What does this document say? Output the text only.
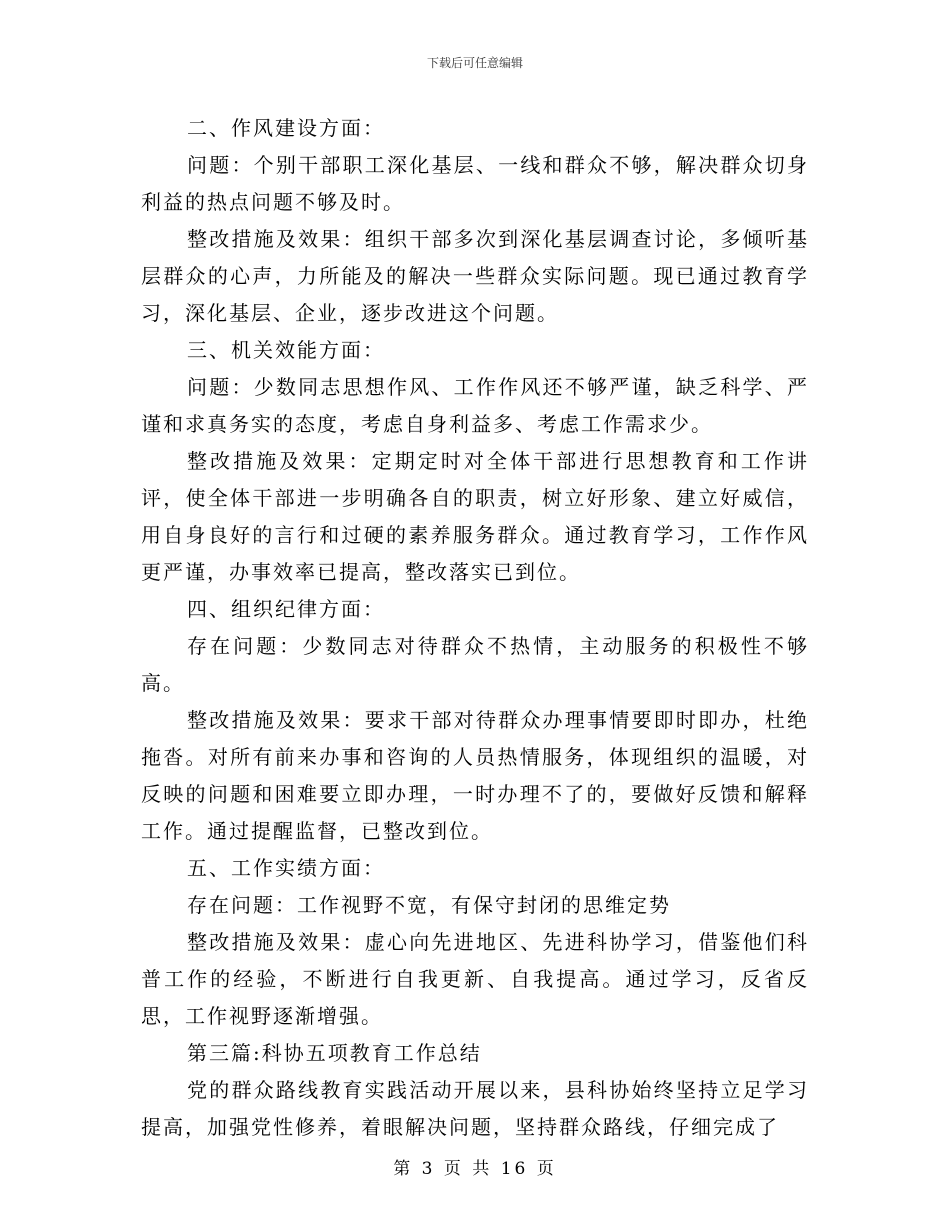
下载后可任意编辑

二、作风建设方面：

问题：个别干部职工深化基层、一线和群众不够，解决群众切身利益的热点问题不够及时。

整改措施及效果：组织干部多次到深化基层调查讨论，多倾听基层群众的心声，力所能及的解决一些群众实际问题。现已通过教育学习，深化基层、企业，逐步改进这个问题。

三、机关效能方面：

问题：少数同志思想作风、工作作风还不够严谨，缺乏科学、严谨和求真务实的态度，考虑自身利益多、考虑工作需求少。

整改措施及效果：定期定时对全体干部进行思想教育和工作讲评，使全体干部进一步明确各自的职责，树立好形象、建立好威信，用自身良好的言行和过硬的素养服务群众。通过教育学习，工作作风更严谨，办事效率已提高，整改落实已到位。

四、组织纪律方面：

存在问题：少数同志对待群众不热情，主动服务的积极性不够高。

整改措施及效果：要求干部对待群众办理事情要即时即办，杜绝拖沓。对所有前来办事和咨询的人员热情服务，体现组织的温暖，对反映的问题和困难要立即办理，一时办理不了的，要做好反馈和解释工作。通过提醒监督，已整改到位。

五、工作实绩方面：

存在问题：工作视野不宽，有保守封闭的思维定势

整改措施及效果：虚心向先进地区、先进科协学习，借鉴他们科普工作的经验，不断进行自我更新、自我提高。通过学习，反省反思，工作视野逐渐增强。

第三篇:科协五项教育工作总结

党的群众路线教育实践活动开展以来，县科协始终坚持立足学习提高，加强党性修养，着眼解决问题，坚持群众路线，仔细完成了

第 3 页 共 16 页
